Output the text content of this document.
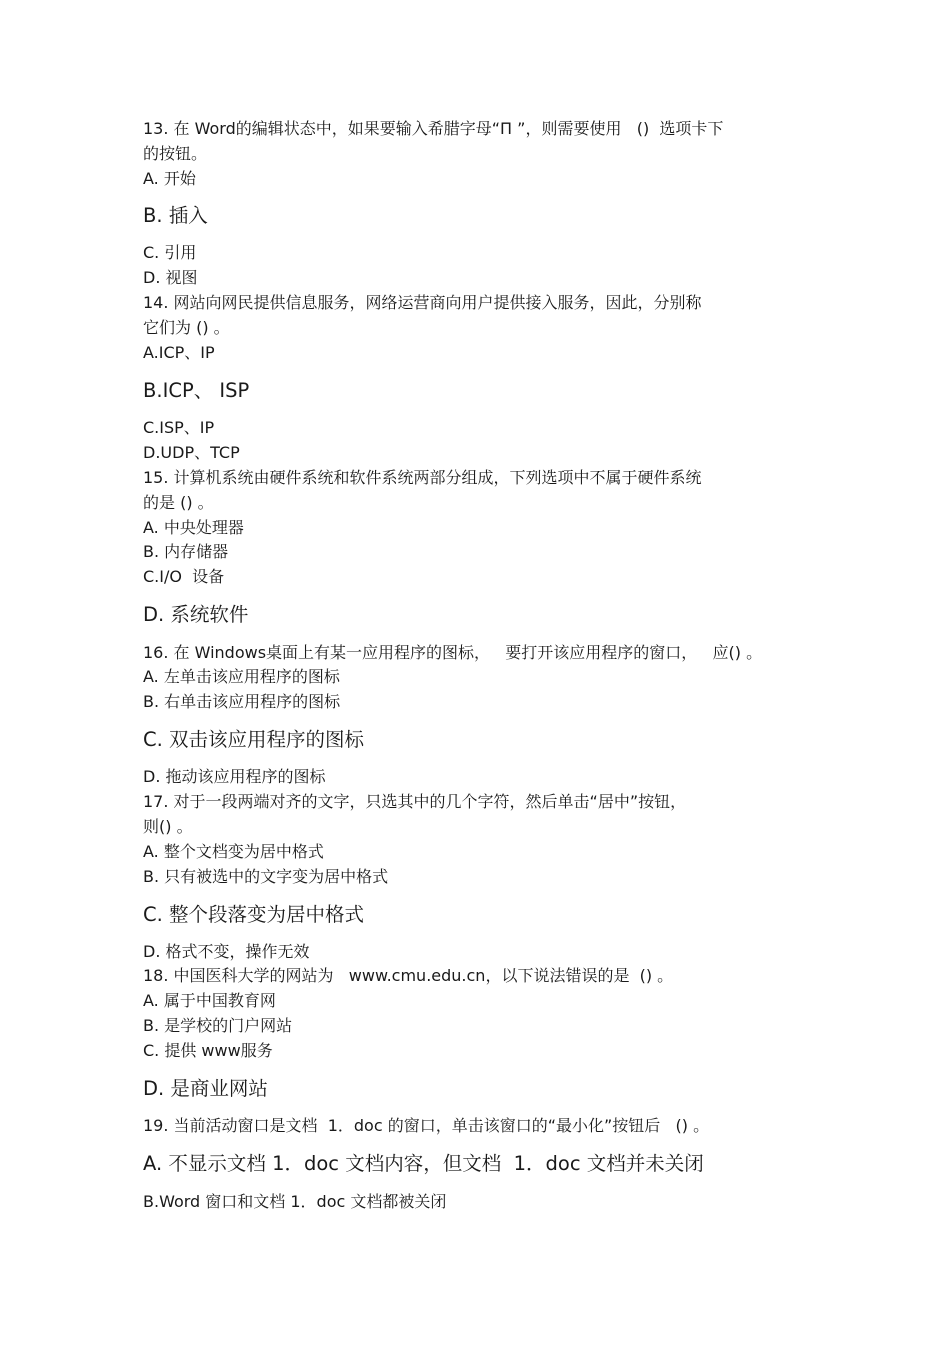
13. 在 Word的编辑状态中，如果要输入希腊字母“Π ”，则需要使用   ()  选项卡下
的按钮。
A. 开始
B. 插入
C. 引用
D. 视图
14. 网站向网民提供信息服务，网络运营商向用户提供接入服务，因此，分别称
它们为 () 。
A.ICP、IP
B.ICP、 ISP
C.ISP、IP
D.UDP、TCP
15. 计算机系统由硬件系统和软件系统两部分组成，下列选项中不属于硬件系统
的是 () 。
A. 中央处理器
B. 内存储器
C.I/O  设备
D. 系统软件
16. 在 Windows桌面上有某一应用程序的图标，   要打开该应用程序的窗口，   应() 。
A. 左单击该应用程序的图标
B. 右单击该应用程序的图标
C. 双击该应用程序的图标
D. 拖动该应用程序的图标
17. 对于一段两端对齐的文字，只选其中的几个字符，然后单击“居中”按钮，
则() 。
A. 整个文档变为居中格式
B. 只有被选中的文字变为居中格式
C. 整个段落变为居中格式
D. 格式不变，操作无效
18. 中国医科大学的网站为   www.cmu.edu.cn，以下说法错误的是  () 。
A. 属于中国教育网
B. 是学校的门户网站
C. 提供 www服务
D. 是商业网站
19. 当前活动窗口是文档  1．doc 的窗口，单击该窗口的“最小化”按钮后   () 。
A. 不显示文档 1．doc 文档内容，但文档  1．doc 文档并未关闭
B.Word 窗口和文档 1．doc 文档都被关闭
